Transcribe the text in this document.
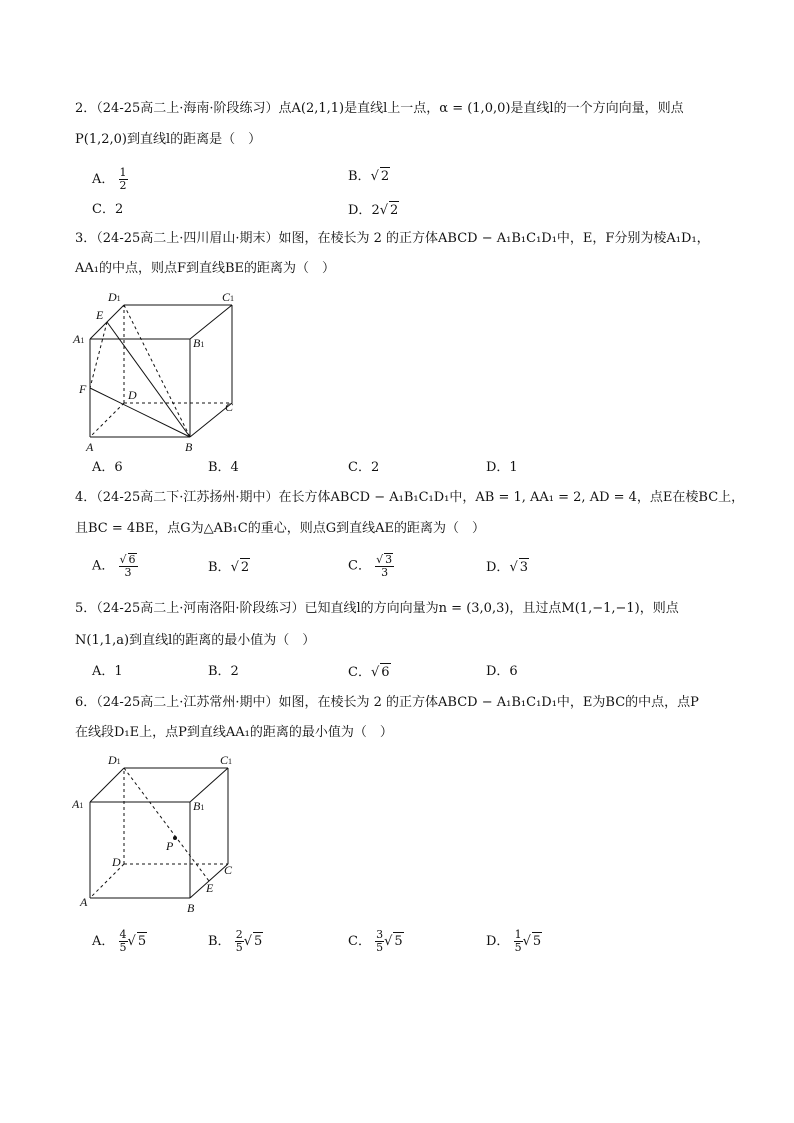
2．（24-25高二上·海南·阶段练习）点A(2,1,1)是直线l上一点，α = (1,0,0)是直线l的一个方向向量，则点
P(1,2,0)到直线l的距离是（　）
A． $\frac{1}{2}$	B．√ 2
C．2	D．2√ 2
3．（24-25高二上·四川眉山·期末）如图，在棱长为 2 的正方体ABCD − A₁B₁C₁D₁中，E，F分别为棱A₁D₁，
AA₁的中点，则点F到直线BE的距离为（　）
D1	C1
E
A1	B1
F	D
C
A	B
A．6	B．4	C．2	D．1
4．（24-25高二下·江苏扬州·期中）在长方体ABCD − A₁B₁C₁D₁中，AB = 1, AA₁ = 2, AD = 4，点E在棱BC上，
且BC = 4BE，点G为△AB₁C的重心，则点G到直线AE的距离为（　）
A． $\frac{√ 6}{3}$	B．√ 2	C． $\frac{√ 3}{3}$	D．√ 3
5．（24-25高二上·河南洛阳·阶段练习）已知直线l的方向向量为n = (3,0,3)，且过点M(1,−1,−1)，则点
N(1,1,a)到直线l的距离的最小值为（　）
A．1	B．2	C．√ 6	D．6
6．（24-25高二上·江苏常州·期中）如图，在棱长为 2 的正方体ABCD − A₁B₁C₁D₁中，E为BC的中点，点P
在线段D₁E上，点P到直线AA₁的距离的最小值为（　）
D1	C1
A1	B1
P
D
C
E
A	B
A． $\frac{4}{5}$ √ 5	B． $\frac{2}{5}$ √ 5	C． $\frac{3}{5}$ √ 5	D． $\frac{1}{5}$ √ 5
